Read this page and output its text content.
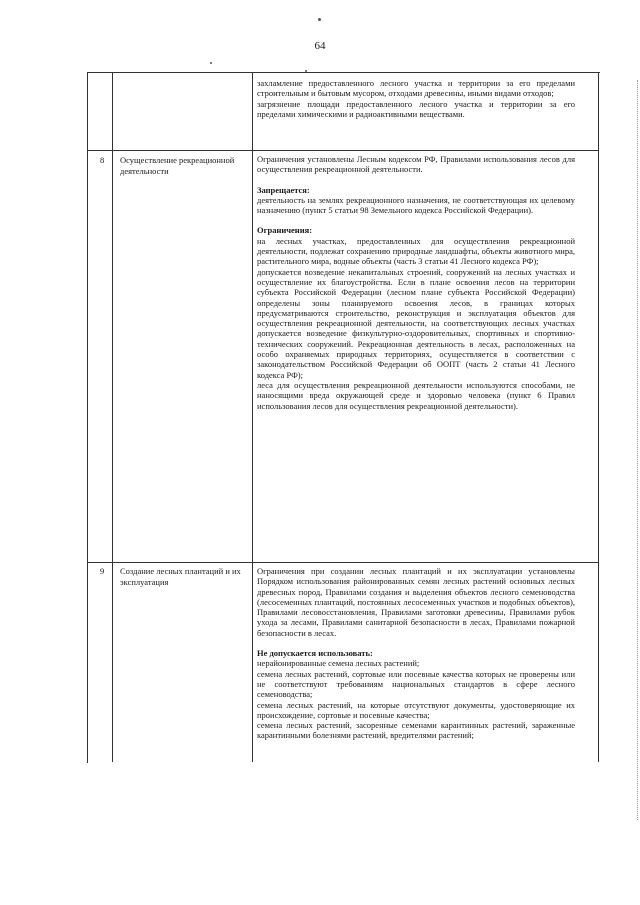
64

захламление предоставленного лесного участка и территории за его пределами строительным и бытовым мусором, отходами древесины, иными видами отходов;

загрязнение площади предоставленного лесного участка и территории за его пределами химическими и радиоактивными веществами.

8 Осуществление рекреационной деятельности

Ограничения установлены Лесным кодексом РФ, Правилами использования лесов для осуществления рекреационной деятельности.

Запрещается:

деятельность на землях рекреационного назначения, не соответствующая их целевому назначению (пункт 5 статьи 98 Земельного кодекса Российской Федерации).

Ограничения:

на лесных участках, предоставленных для осуществления рекреационной деятельности, подлежат сохранению природные ландшафты, объекты животного мира, растительного мира, водные объекты (часть 3 статьи 41 Лесного кодекса РФ);

допускается возведение некапитальных строений, сооружений на лесных участках и осуществление их благоустройства. Если в плане освоения лесов на территории субъекта Российской Федерации (лесном плане субъекта Российской Федерации) определены зоны планируемого освоения лесов, в границах которых предусматриваются строительство, реконструкция и эксплуатация объектов для осуществления рекреационной деятельности, на соответствующих лесных участках допускается возведение физкультурно-оздоровительных, спортивных и спортивно-технических сооружений. Рекреационная деятельность в лесах, расположенных на особо охраняемых природных территориях, осуществляется в соответствии с законодательством Российской Федерации об ООПТ (часть 2 статьи 41 Лесного кодекса РФ);

леса для осуществления рекреационной деятельности используются способами, не наносящими вреда окружающей среде и здоровью человека (пункт 6 Правил использования лесов для осуществления рекреационной деятельности).

9 Создание лесных плантаций и их эксплуатация

Ограничения при создании лесных плантаций и их эксплуатации установлены Порядком использования районированных семян лесных растений основных лесных древесных пород, Правилами создания и выделения объектов лесного семеноводства (лесосеменных плантаций, постоянных лесосеменных участков и подобных объектов), Правилами лесовосстановления, Правилами заготовки древесины, Правилами рубок ухода за лесами, Правилами санитарной безопасности в лесах, Правилами пожарной безопасности в лесах.

Не допускается использовать:

нерайонированные семена лесных растений;

семена лесных растений, сортовые или посевные качества которых не проверены или не соответствуют требованиям национальных стандартов в сфере лесного семеноводства;

семена лесных растений, на которые отсутствуют документы, удостоверяющие их происхождение, сортовые и посевные качества;

семена лесных растений, засоренные семенами карантинных растений, зараженные карантинными болезнями растений, вредителями растений;
